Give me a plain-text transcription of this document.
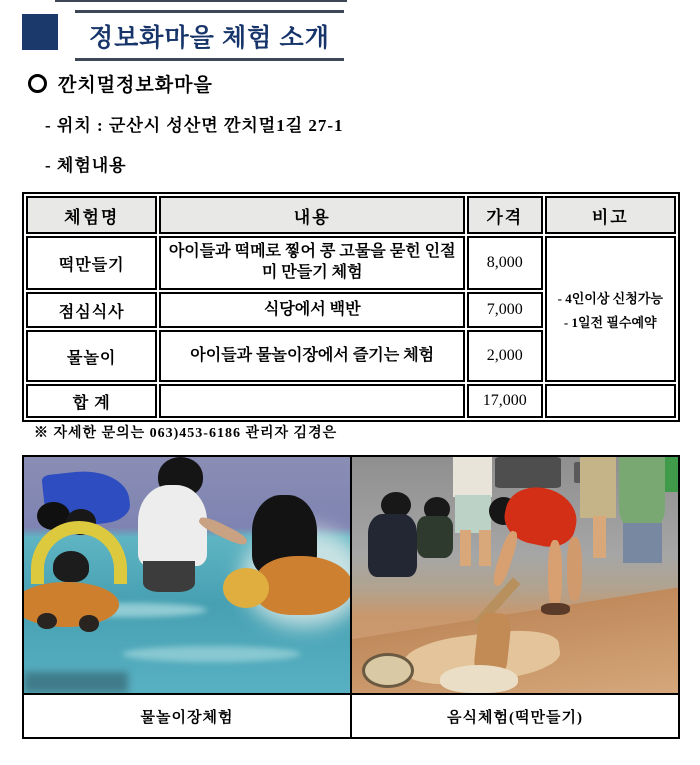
정보화마을 체험 소개
깐치멀정보화마을
- 위치 : 군산시 성산면 깐치멀1길 27-1
- 체험내용
체험명	내용	가격	비고
떡만들기	아이들과 떡메로 찧어 콩 고물을 묻힌 인절미 만들기 체험	8,000	- 4인이상 신청가능
- 1일전 필수예약

점심식사	식당에서 백반	7,000	
물놀이	아이들과 물놀이장에서 즐기는 체험	2,000	
합 계		17,000	
※ 자세한 문의는 063)453-6186 관리자 김경은

물놀이장체험	음식체험(떡만들기)
